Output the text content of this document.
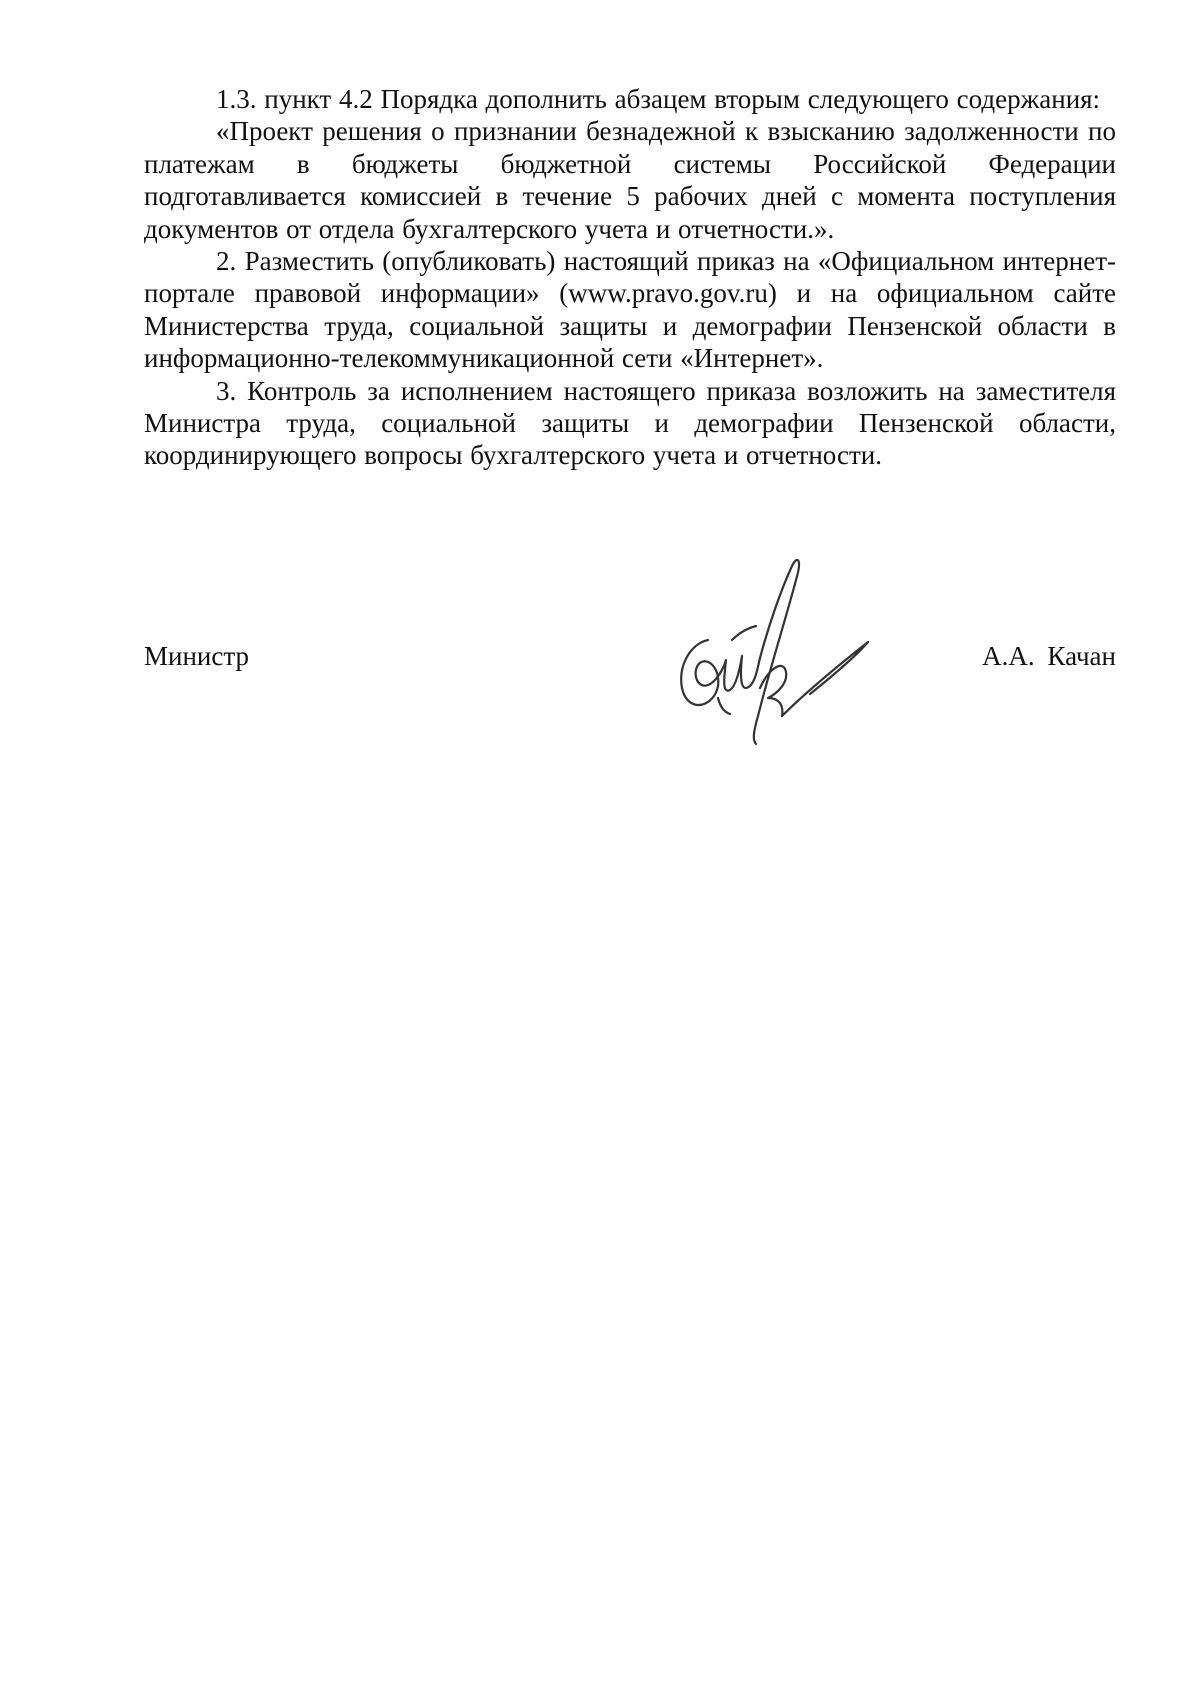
1.3. пункт 4.2 Порядка дополнить абзацем вторым следующего содержания:

«Проект решения о признании безнадежной к взысканию задолженности по платежам в бюджеты бюджетной системы Российской Федерации подготавливается комиссией в течение 5 рабочих дней с момента поступления документов от отдела бухгалтерского учета и отчетности.».

2. Разместить (опубликовать) настоящий приказ на «Официальном интернет-портале правовой информации» (www.pravo.gov.ru) и на официальном сайте Министерства труда, социальной защиты и демографии Пензенской области в информационно-телекоммуникационной сети «Интернет».

3. Контроль за исполнением настоящего приказа возложить на заместителя Министра труда, социальной защиты и демографии Пензенской области, координирующего вопросы бухгалтерского учета и отчетности.

Министр	А.А. Качан
